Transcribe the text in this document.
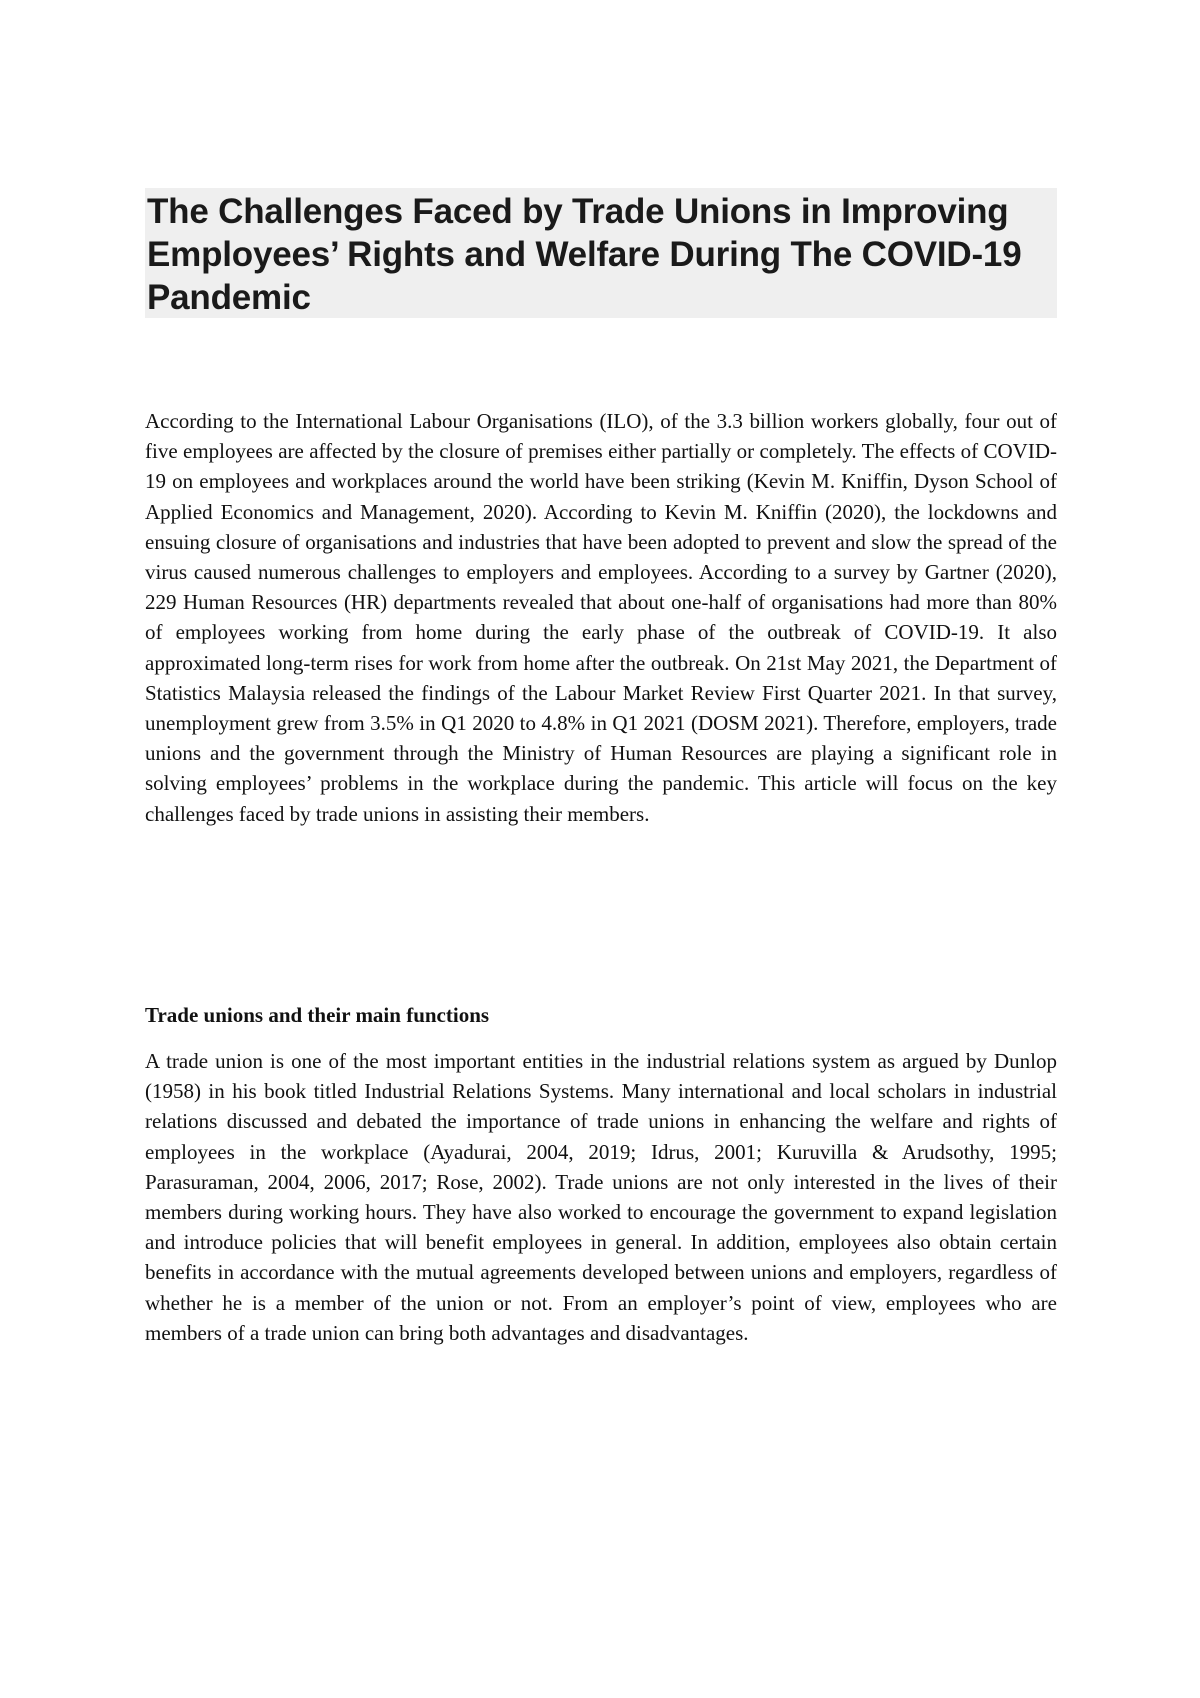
The Challenges Faced by Trade Unions in Improving Employees’ Rights and Welfare During The COVID-19 Pandemic

According to the International Labour Organisations (ILO), of the 3.3 billion workers globally, four out of five employees are affected by the closure of premises either partially or completely. The effects of COVID-19 on employees and workplaces around the world have been striking (Kevin M. Kniffin, Dyson School of Applied Economics and Management, 2020). According to Kevin M. Kniffin (2020), the lockdowns and ensuing closure of organisations and industries that have been adopted to prevent and slow the spread of the virus caused numerous challenges to employers and employees. According to a survey by Gartner (2020), 229 Human Resources (HR) departments revealed that about one-half of organisations had more than 80% of employees working from home during the early phase of the outbreak of COVID-19. It also approximated long-term rises for work from home after the outbreak. On 21st May 2021, the Department of Statistics Malaysia released the findings of the Labour Market Review First Quarter 2021. In that survey, unemployment grew from 3.5% in Q1 2020 to 4.8% in Q1 2021 (DOSM 2021). Therefore, employers, trade unions and the government through the Ministry of Human Resources are playing a significant role in solving employees’ problems in the workplace during the pandemic. This article will focus on the key challenges faced by trade unions in assisting their members.

Trade unions and their main functions

A trade union is one of the most important entities in the industrial relations system as argued by Dunlop (1958) in his book titled Industrial Relations Systems. Many international and local scholars in industrial relations discussed and debated the importance of trade unions in enhancing the welfare and rights of employees in the workplace (Ayadurai, 2004, 2019; Idrus, 2001; Kuruvilla & Arudsothy, 1995; Parasuraman, 2004, 2006, 2017; Rose, 2002). Trade unions are not only interested in the lives of their members during working hours. They have also worked to encourage the government to expand legislation and introduce policies that will benefit employees in general. In addition, employees also obtain certain benefits in accordance with the mutual agreements developed between unions and employers, regardless of whether he is a member of the union or not. From an employer’s point of view, employees who are members of a trade union can bring both advantages and disadvantages.
